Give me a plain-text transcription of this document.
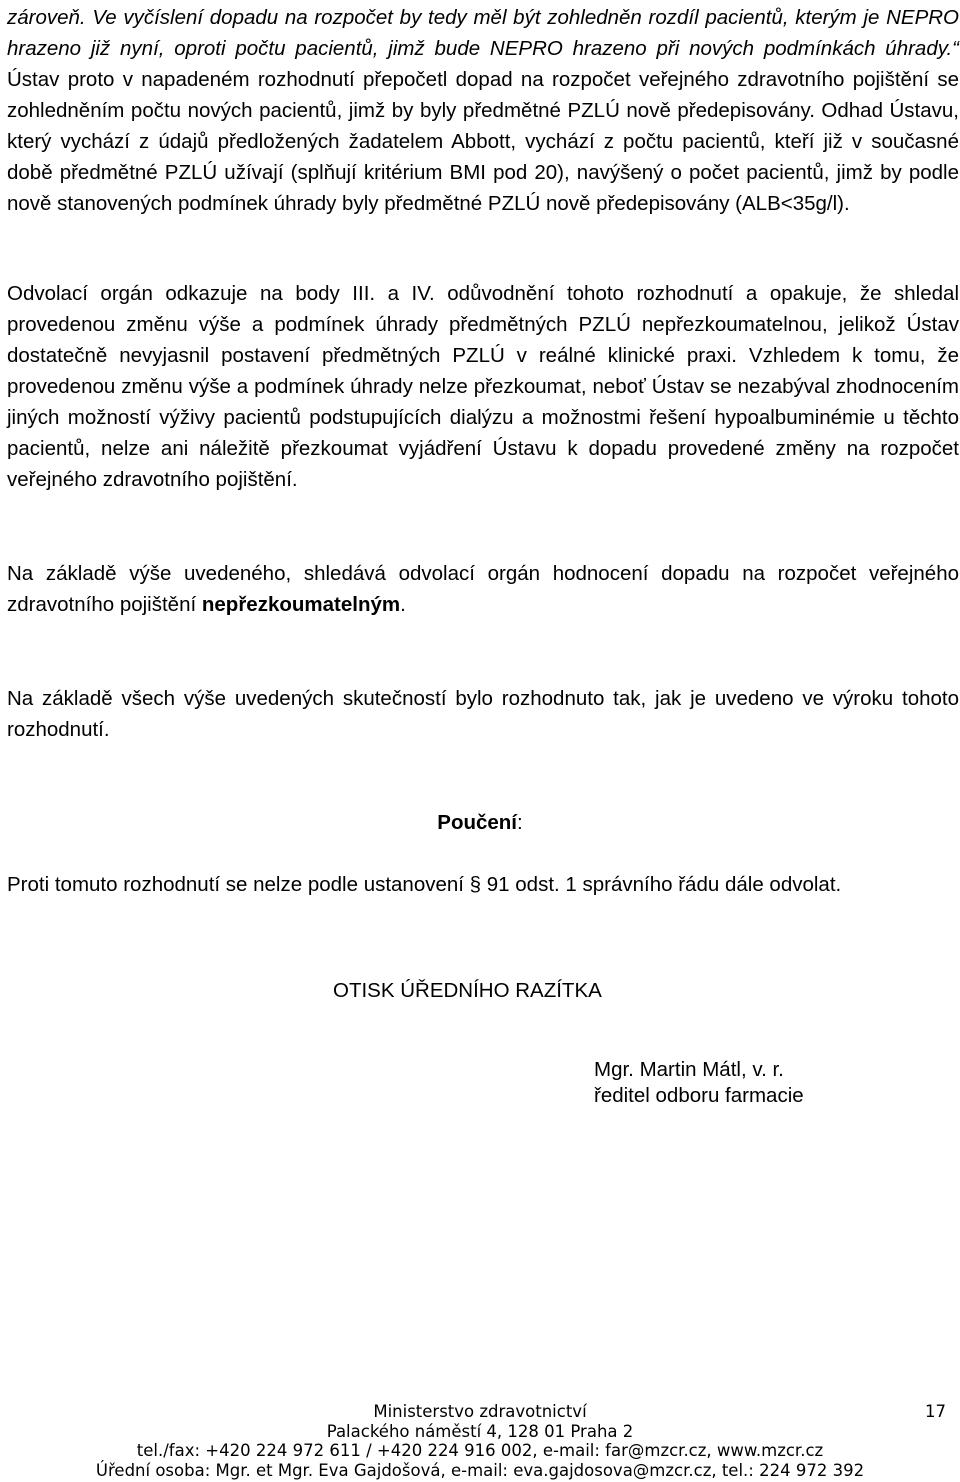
zároveň. Ve vyčíslení dopadu na rozpočet by tedy měl být zohledněn rozdíl pacientů, kterým je NEPRO hrazeno již nyní, oproti počtu pacientů, jimž bude NEPRO hrazeno při nových podmínkách úhrady.“ Ústav proto v napadeném rozhodnutí přepočetl dopad na rozpočet veřejného zdravotního pojištění se zohledněním počtu nových pacientů, jimž by byly předmětné PZLÚ nově předepisovány. Odhad Ústavu, který vychází z údajů předložených žadatelem Abbott, vychází z počtu pacientů, kteří již v současné době předmětné PZLÚ užívají (splňují kritérium BMI pod 20), navýšený o počet pacientů, jimž by podle nově stanovených podmínek úhrady byly předmětné PZLÚ nově předepisovány (ALB<35g/l).

Odvolací orgán odkazuje na body III. a IV. odůvodnění tohoto rozhodnutí a opakuje, že shledal provedenou změnu výše a podmínek úhrady předmětných PZLÚ nepřezkoumatelnou, jelikož Ústav dostatečně nevyjasnil postavení předmětných PZLÚ v reálné klinické praxi. Vzhledem k tomu, že provedenou změnu výše a podmínek úhrady nelze přezkoumat, neboť Ústav se nezabýval zhodnocením jiných možností výživy pacientů podstupujících dialýzu a možnostmi řešení hypoalbuminémie u těchto pacientů, nelze ani náležitě přezkoumat vyjádření Ústavu k dopadu provedené změny na rozpočet veřejného zdravotního pojištění.

Na základě výše uvedeného, shledává odvolací orgán hodnocení dopadu na rozpočet veřejného zdravotního pojištění nepřezkoumatelným.

Na základě všech výše uvedených skutečností bylo rozhodnuto tak, jak je uvedeno ve výroku tohoto rozhodnutí.

Poučení:

Proti tomuto rozhodnutí se nelze podle ustanovení § 91 odst. 1 správního řádu dále odvolat.

OTISK ÚŘEDNÍHO RAZÍTKA

Mgr. Martin Mátl, v. r.
ředitel odboru farmacie
Ministerstvo zdravotnictví
Palackého náměstí 4, 128 01 Praha 2
tel./fax: +420 224 972 611 / +420 224 916 002, e-mail: far@mzcr.cz, www.mzcr.cz
Úřední osoba: Mgr. et Mgr. Eva Gajdošová, e-mail: eva.gajdosova@mzcr.cz, tel.: 224 972 392
17
